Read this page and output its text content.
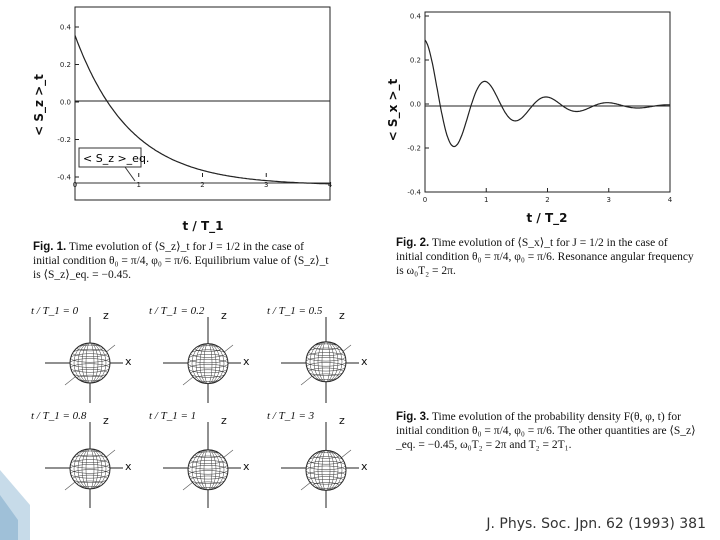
< S_z >_eq.
0.4
0.2
0.0
-0.2
-0.4
0	1	2	3	4
< S_z >_t
t / T_1
Fig. 1. Time evolution of ⟨S_z⟩_t for J = 1/2 in the case of initial condition θ₀ = π/4, φ₀ = π/6. Equilibrium value of ⟨S_z⟩_t is ⟨S_z⟩_eq. = −0.45.
0.4
0.2
0.0
-0.2
-0.4
0	1	2	3	4
< S_x >_t
t / T_2
Fig. 2. Time evolution of ⟨S_x⟩_t for J = 1/2 in the case of initial condition θ₀ = π/4, φ₀ = π/6. Resonance angular frequency is ω₀T₂ = 2π.
t / T_1 = 0 z
x
t / T_1 = 0.2 z
x
t / T_1 = 0.5 z
x
t / T_1 = 0.8 z
x
t / T_1 = 1 z
x
t / T_1 = 3 z
x
Fig. 3. Time evolution of the probability density F(θ, φ, t) for initial condition θ₀ = π/4, φ₀ = π/6. The other quantities are ⟨S_z⟩_eq. = −0.45, ω₀T₂ = 2π and T₂ = 2T₁.
J. Phys. Soc. Jpn. 62 (1993) 381
